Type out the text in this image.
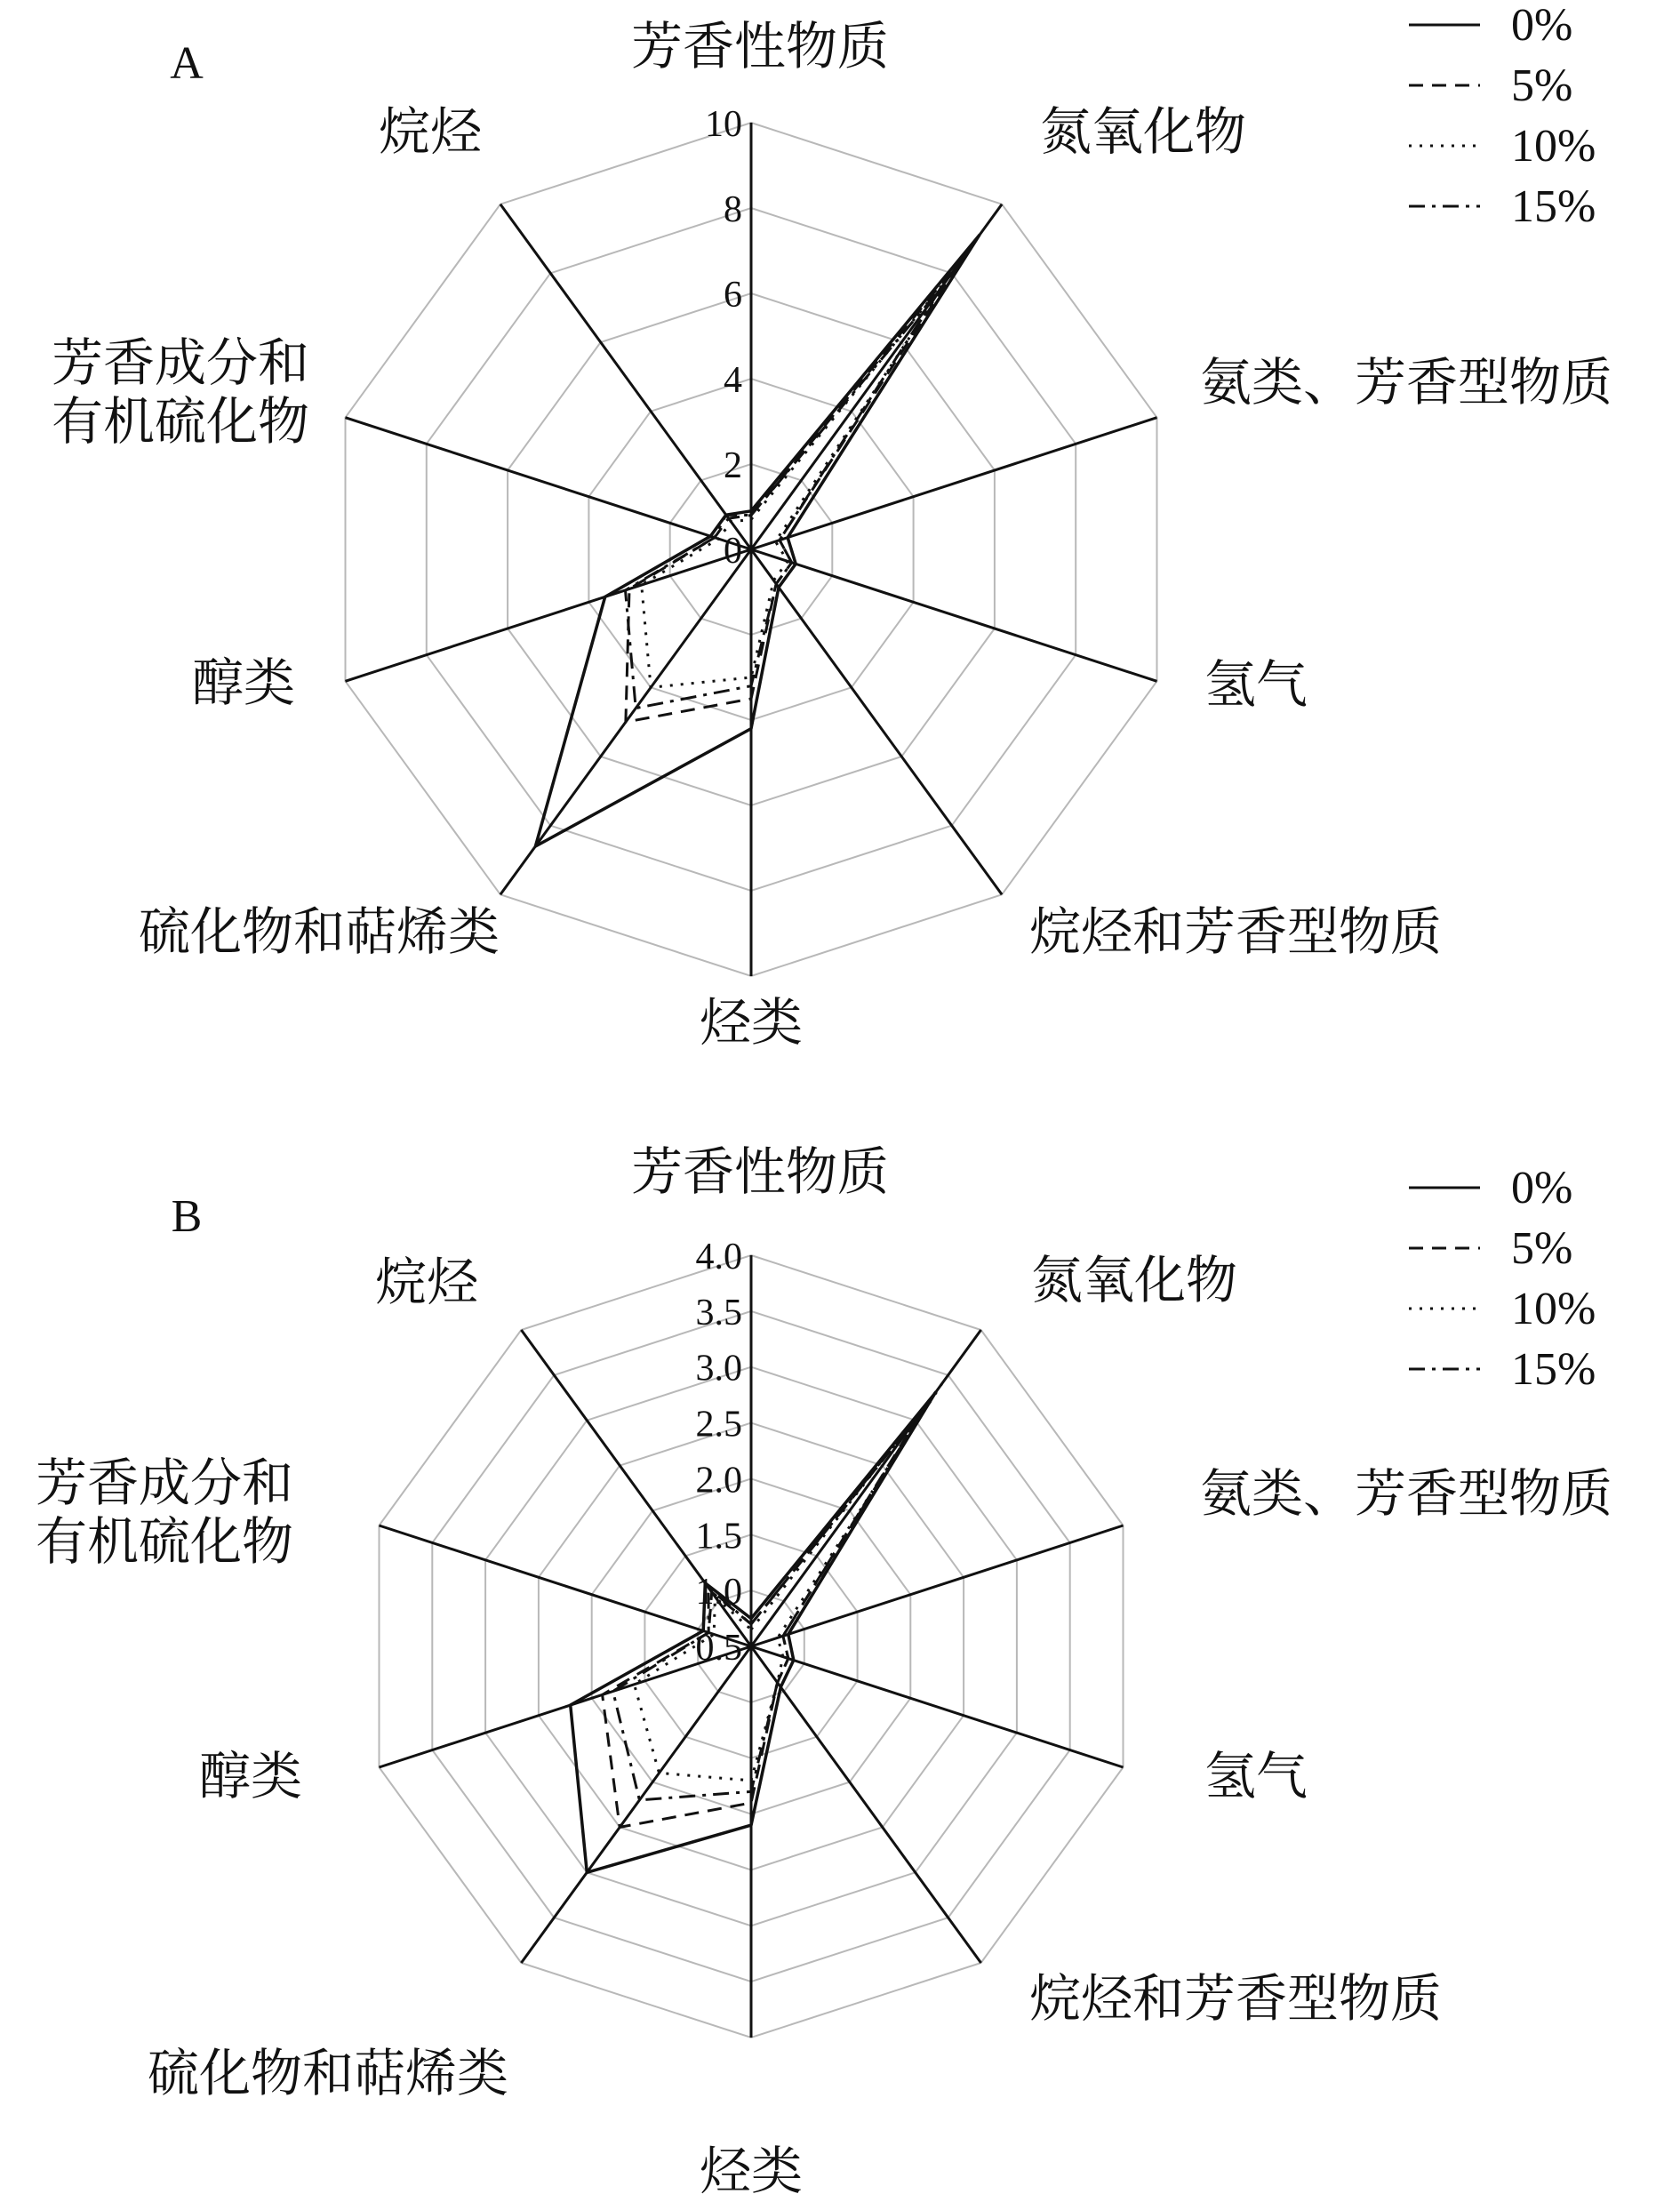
A
0
2
4
6
8
10
芳香性物质
氮氧化物
氨类、芳香型物质
氢气
烷烃和芳香型物质
烃类
硫化物和萜烯类
醇类
芳香成分和有机硫化物
烷烃
0%
5%
10%
15%
B
0.5
1.0
1.5
2.0
2.5
3.0
3.5
4.0
芳香性物质
氮氧化物
氨类、芳香型物质
氢气
烷烃和芳香型物质
烃类
硫化物和萜烯类
醇类
芳香成分和有机硫化物
烷烃
0%
5%
10%
15%
